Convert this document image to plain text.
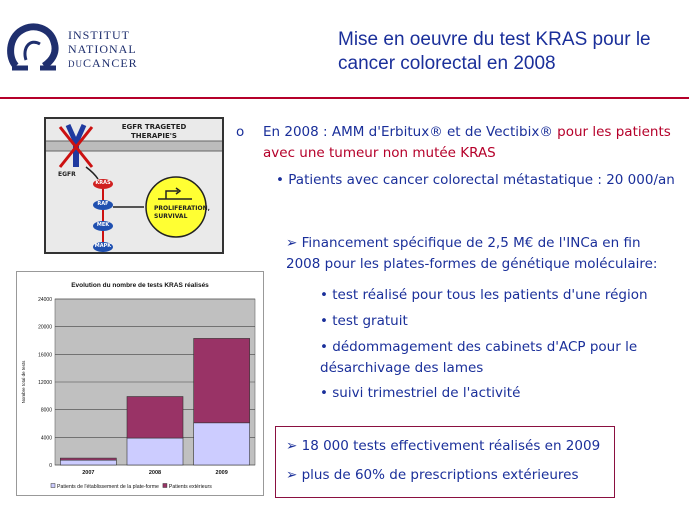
INSTITUT
NATIONAL
DUCANCER
Mise en oeuvre du test KRAS pour le
cancer colorectal en 2008
EGFR TRAGETED
THERAPIE'S
EGFR
KRAS
RAF
MEK
MAPK
PROLIFERATION,
SURVIVAL
Evolution du nombre de tests KRAS réalisés
0
4000
8000
12000
16000
20000
24000
Nombre total de tests
2007	2008	2009
Patients de l'établissement de la plate-forme Patients extérieurs
o En 2008 : AMM d'Erbitux® et de Vectibix® pour les patients avec une tumeur non mutée KRAS
• Patients avec cancer colorectal métastatique : 20 000/an
➢ Financement spécifique de 2,5 M€ de l'INCa en fin 2008 pour les plates-formes de génétique moléculaire:
• test réalisé pour tous les patients d'une région
• test gratuit
• dédommagement des cabinets d'ACP pour le désarchivage des lames
• suivi trimestriel de l'activité
➢ 18 000 tests effectivement réalisés en 2009
➢ plus de 60% de prescriptions extérieures
